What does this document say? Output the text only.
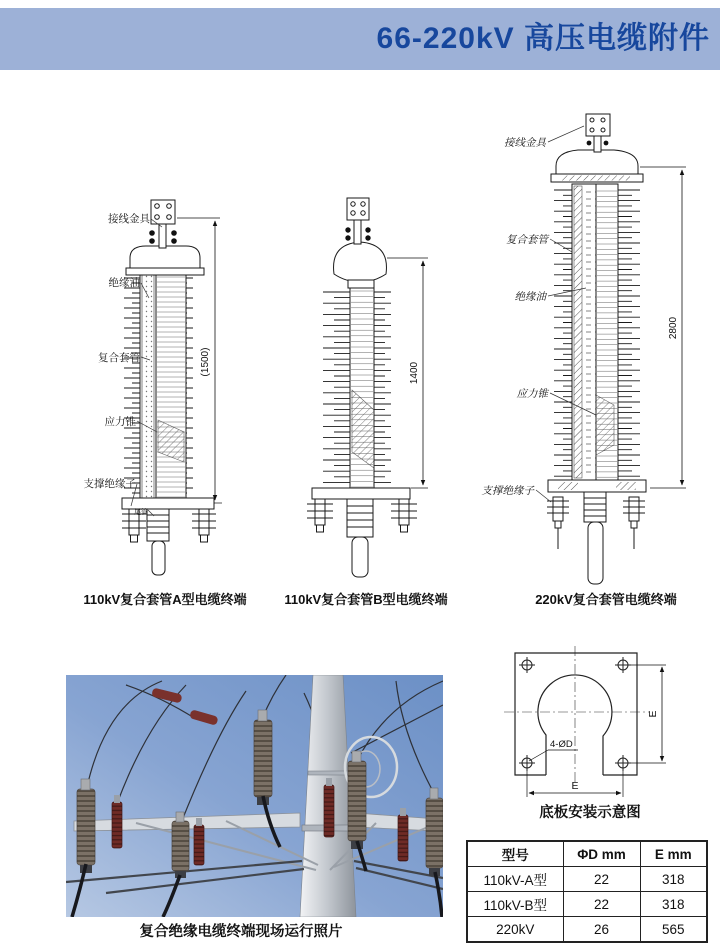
66-220kV 高压电缆附件
接线金具
绝缘油
复合套管
应力锥
支撑绝缘子
尾管
(1500)	1400
接线金具
复合套管
绝缘油
应力锥
支撑绝缘子
2800
110kV复合套管A型电缆终端	110kV复合套管B型电缆终端	220kV复合套管电缆终端
复合绝缘电缆终端现场运行照片
4-ØD
E
E
底板安装示意图
型号	ΦD mm	E mm
110kV-A型	22	318
110kV-B型	22	318
220kV	26	565
